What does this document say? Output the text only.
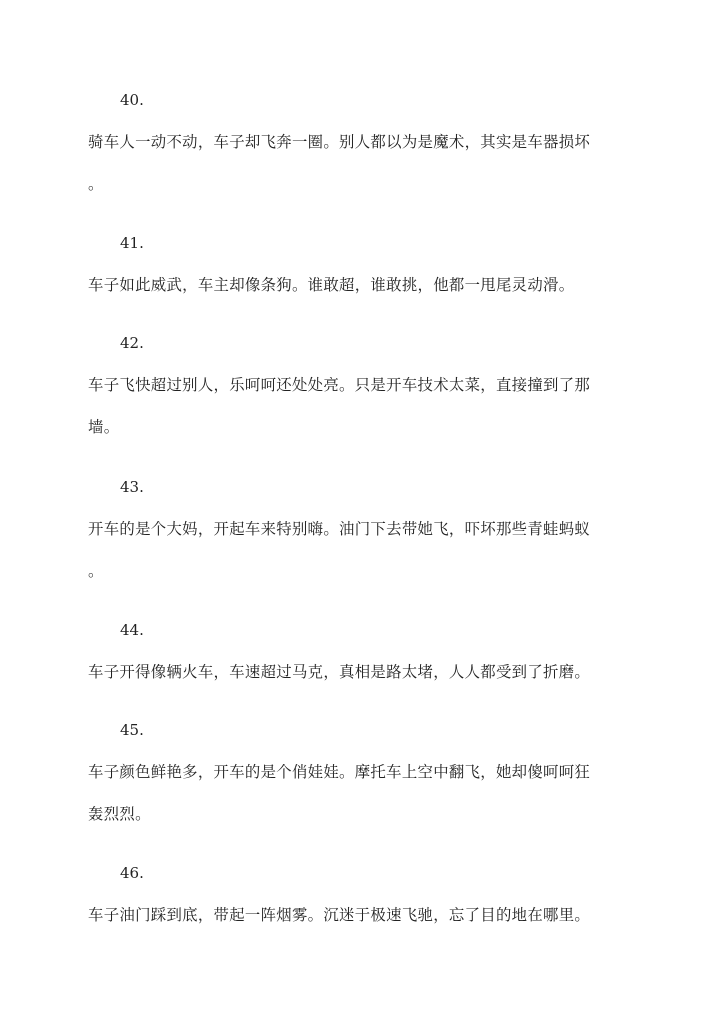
40.
骑车人一动不动，车子却飞奔一圈。别人都以为是魔术，其实是车器损坏
。
41.
车子如此威武，车主却像条狗。谁敢超，谁敢挑，他都一甩尾灵动滑。
42.
车子飞快超过别人，乐呵呵还处处亮。只是开车技术太菜，直接撞到了那
墙。
43.
开车的是个大妈，开起车来特别嗨。油门下去带她飞，吓坏那些青蛙蚂蚁
。
44.
车子开得像辆火车，车速超过马克，真相是路太堵，人人都受到了折磨。
45.
车子颜色鲜艳多，开车的是个俏娃娃。摩托车上空中翻飞，她却傻呵呵狂
轰烈烈。
46.
车子油门踩到底，带起一阵烟雾。沉迷于极速飞驰，忘了目的地在哪里。
